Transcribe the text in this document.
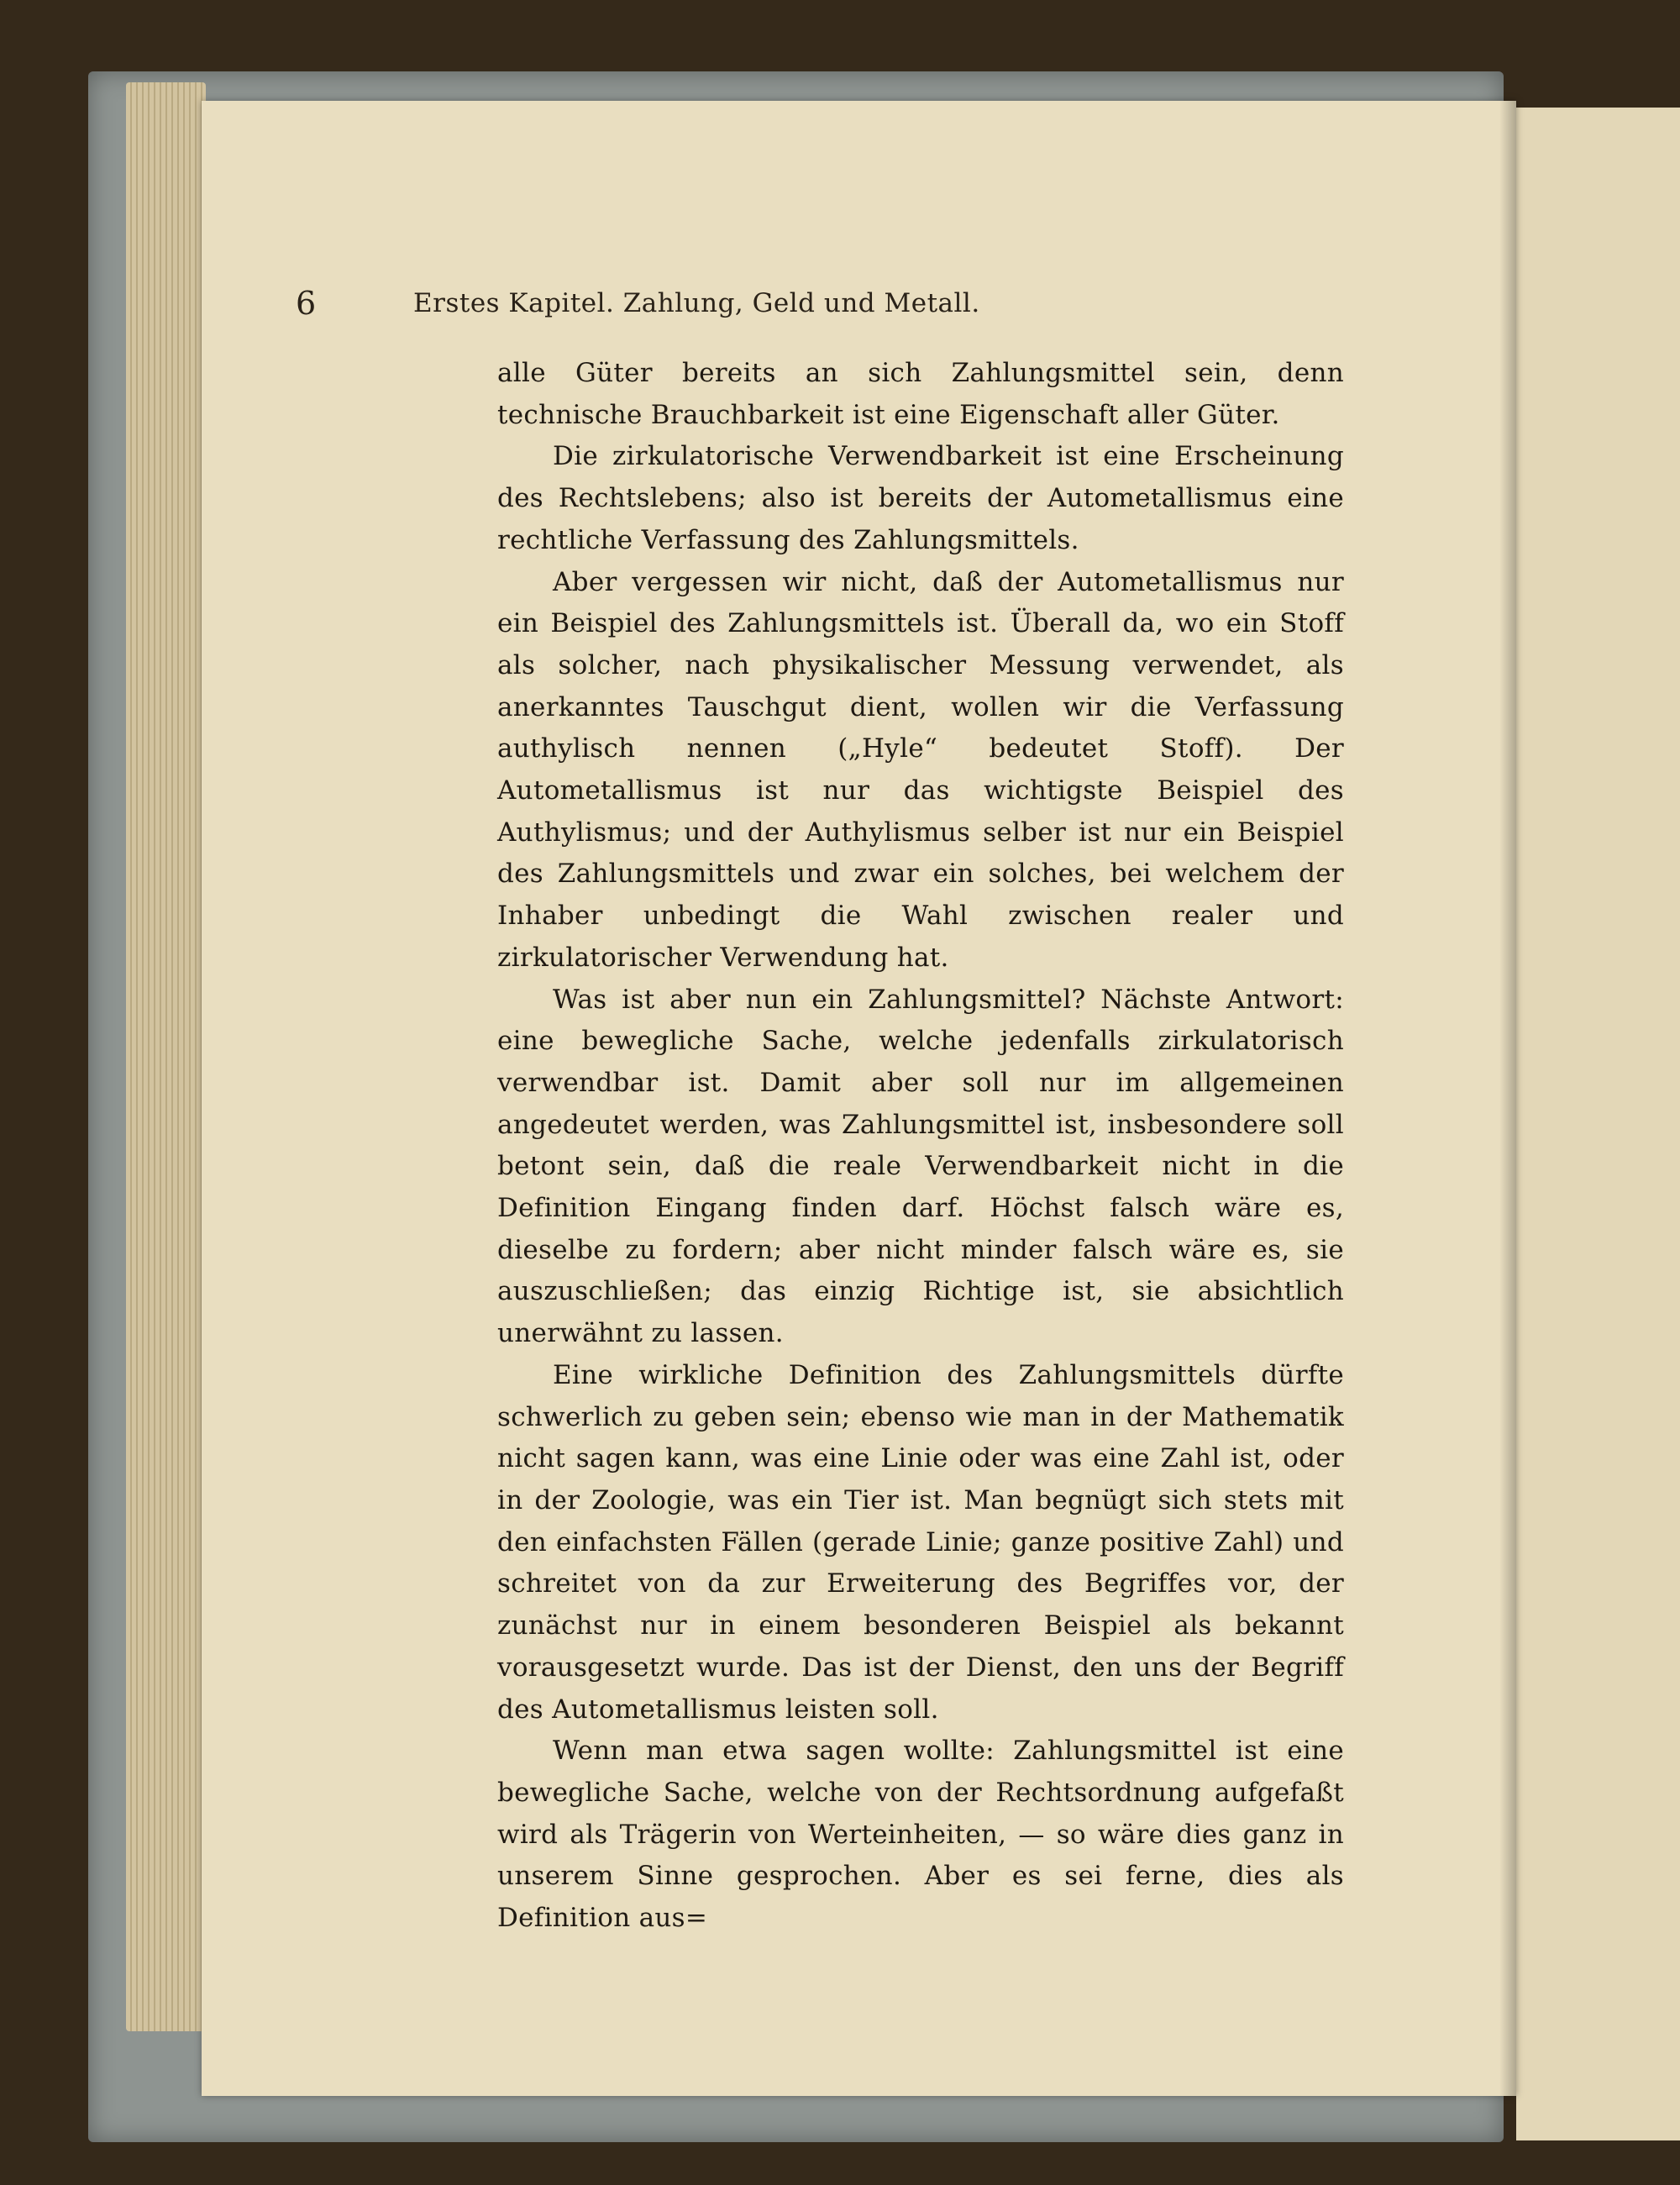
6	Erstes Kapitel. Zahlung, Geld und Metall.

alle Güter bereits an sich Zahlungsmittel sein, denn technische Brauchbarkeit ist eine Eigenschaft aller Güter.

Die zirkulatorische Verwendbarkeit ist eine Erscheinung des Rechtslebens; also ist bereits der Autometallismus eine rechtliche Verfassung des Zahlungsmittels.

Aber vergessen wir nicht, daß der Autometallismus nur ein Beispiel des Zahlungsmittels ist. Überall da, wo ein Stoff als solcher, nach physikalischer Messung verwendet, als anerkanntes Tauschgut dient, wollen wir die Verfassung authylisch nennen („Hyle“ bedeutet Stoff). Der Autometallismus ist nur das wichtigste Beispiel des Authylismus; und der Authylismus selber ist nur ein Beispiel des Zahlungsmittels und zwar ein solches, bei welchem der Inhaber unbedingt die Wahl zwischen realer und zirkulatorischer Verwendung hat.

Was ist aber nun ein Zahlungsmittel? Nächste Antwort: eine bewegliche Sache, welche jedenfalls zirkulatorisch verwendbar ist. Damit aber soll nur im allgemeinen angedeutet werden, was Zahlungsmittel ist, insbesondere soll betont sein, daß die reale Verwendbarkeit nicht in die Definition Eingang finden darf. Höchst falsch wäre es, dieselbe zu fordern; aber nicht minder falsch wäre es, sie auszuschließen; das einzig Richtige ist, sie absichtlich unerwähnt zu lassen.

Eine wirkliche Definition des Zahlungsmittels dürfte schwerlich zu geben sein; ebenso wie man in der Mathematik nicht sagen kann, was eine Linie oder was eine Zahl ist, oder in der Zoologie, was ein Tier ist. Man begnügt sich stets mit den einfachsten Fällen (gerade Linie; ganze positive Zahl) und schreitet von da zur Erweiterung des Begriffes vor, der zunächst nur in einem besonderen Beispiel als bekannt vorausgesetzt wurde. Das ist der Dienst, den uns der Begriff des Autometallismus leisten soll.

Wenn man etwa sagen wollte: Zahlungsmittel ist eine bewegliche Sache, welche von der Rechtsordnung aufgefaßt wird als Trägerin von Werteinheiten, — so wäre dies ganz in unserem Sinne gesprochen. Aber es sei ferne, dies als Definition aus=
